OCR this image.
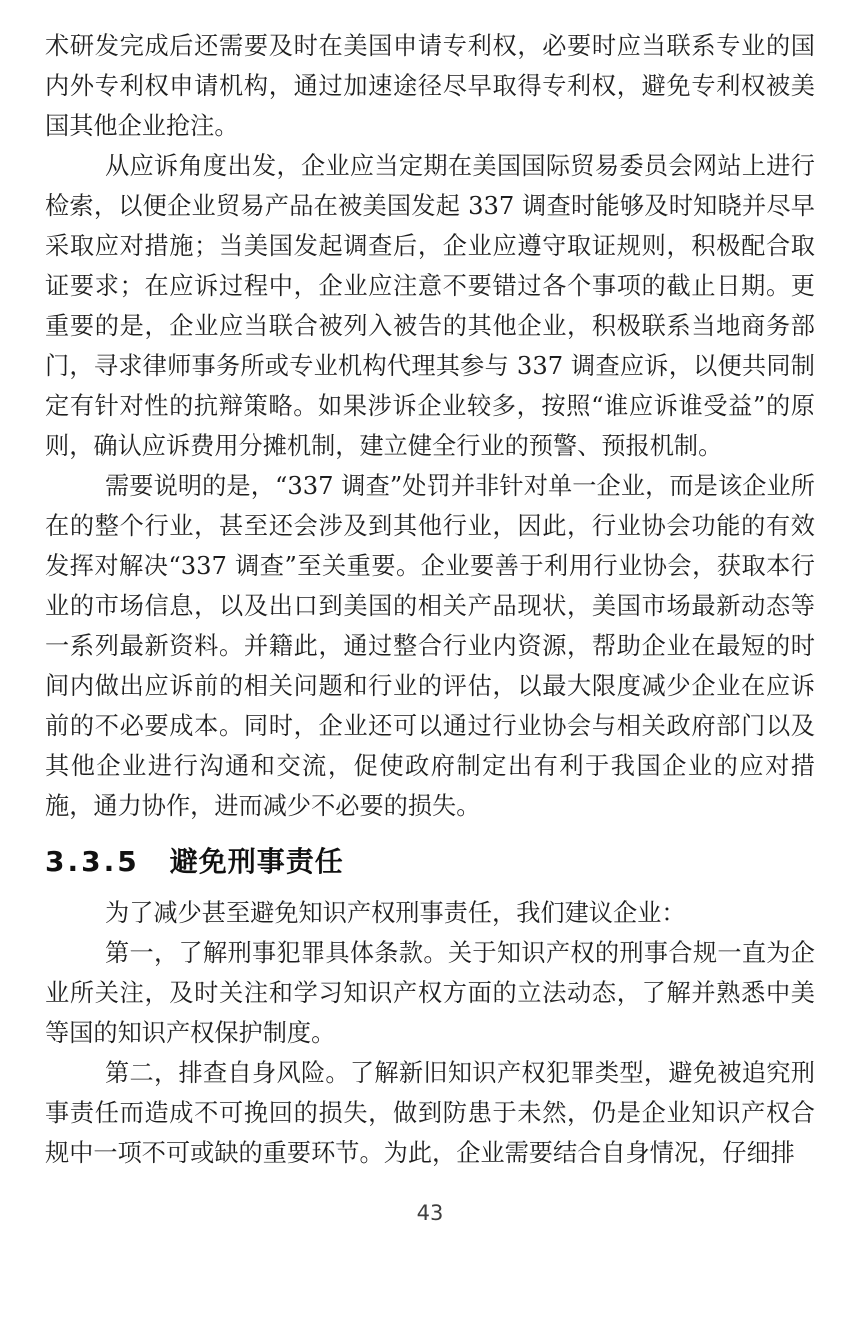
术研发完成后还需要及时在美国申请专利权，必要时应当联系专业的国内外专利权申请机构，通过加速途径尽早取得专利权，避免专利权被美国其他企业抢注。

从应诉角度出发，企业应当定期在美国国际贸易委员会网站上进行检索，以便企业贸易产品在被美国发起 337 调查时能够及时知晓并尽早采取应对措施；当美国发起调查后，企业应遵守取证规则，积极配合取证要求；在应诉过程中，企业应注意不要错过各个事项的截止日期。更重要的是，企业应当联合被列入被告的其他企业，积极联系当地商务部门，寻求律师事务所或专业机构代理其参与 337 调查应诉，以便共同制定有针对性的抗辩策略。如果涉诉企业较多，按照“谁应诉谁受益”的原则，确认应诉费用分摊机制，建立健全行业的预警、预报机制。

需要说明的是，“337 调查”处罚并非针对单一企业，而是该企业所在的整个行业，甚至还会涉及到其他行业，因此，行业协会功能的有效发挥对解决“337 调查”至关重要。企业要善于利用行业协会，获取本行业的市场信息，以及出口到美国的相关产品现状，美国市场最新动态等一系列最新资料。并籍此，通过整合行业内资源，帮助企业在最短的时间内做出应诉前的相关问题和行业的评估，以最大限度减少企业在应诉前的不必要成本。同时，企业还可以通过行业协会与相关政府部门以及其他企业进行沟通和交流，促使政府制定出有利于我国企业的应对措施，通力协作，进而减少不必要的损失。

3.3.5 避免刑事责任

为了减少甚至避免知识产权刑事责任，我们建议企业：

第一，了解刑事犯罪具体条款。关于知识产权的刑事合规一直为企业所关注，及时关注和学习知识产权方面的立法动态，了解并熟悉中美等国的知识产权保护制度。

第二，排查自身风险。了解新旧知识产权犯罪类型，避免被追究刑事责任而造成不可挽回的损失，做到防患于未然，仍是企业知识产权合规中一项不可或缺的重要环节。为此，企业需要结合自身情况，仔细排

43
